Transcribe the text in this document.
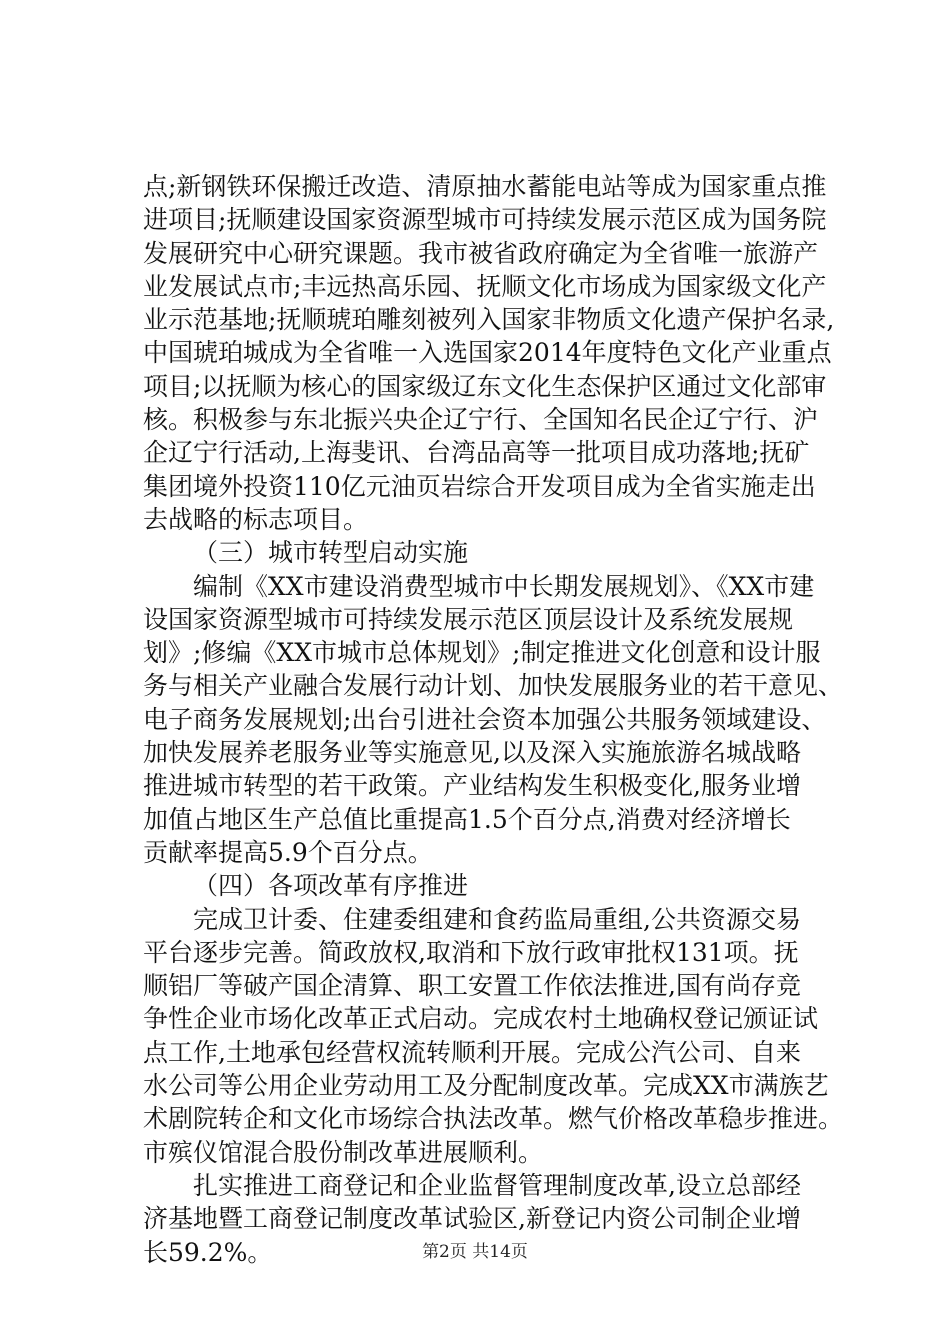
点;新钢铁环保搬迁改造、清原抽水蓄能电站等成为国家重点推
进项目;抚顺建设国家资源型城市可持续发展示范区成为国务院
发展研究中心研究课题。我市被省政府确定为全省唯一旅游产
业发展试点市;丰远热高乐园、抚顺文化市场成为国家级文化产
业示范基地;抚顺琥珀雕刻被列入国家非物质文化遗产保护名录,
中国琥珀城成为全省唯一入选国家2014年度特色文化产业重点
项目;以抚顺为核心的国家级辽东文化生态保护区通过文化部审
核。积极参与东北振兴央企辽宁行、全国知名民企辽宁行、沪
企辽宁行活动,上海斐讯、台湾品高等一批项目成功落地;抚矿
集团境外投资110亿元油页岩综合开发项目成为全省实施走出
去战略的标志项目。
（三）城市转型启动实施
编制《XX市建设消费型城市中长期发展规划》、《XX市建
设国家资源型城市可持续发展示范区顶层设计及系统发展规
划》;修编《XX市城市总体规划》;制定推进文化创意和设计服
务与相关产业融合发展行动计划、加快发展服务业的若干意见、
电子商务发展规划;出台引进社会资本加强公共服务领域建设、
加快发展养老服务业等实施意见,以及深入实施旅游名城战略
推进城市转型的若干政策。产业结构发生积极变化,服务业增
加值占地区生产总值比重提高1.5个百分点,消费对经济增长
贡献率提高5.9个百分点。
（四）各项改革有序推进
完成卫计委、住建委组建和食药监局重组,公共资源交易
平台逐步完善。简政放权,取消和下放行政审批权131项。抚
顺铝厂等破产国企清算、职工安置工作依法推进,国有尚存竞
争性企业市场化改革正式启动。完成农村土地确权登记颁证试
点工作,土地承包经营权流转顺利开展。完成公汽公司、自来
水公司等公用企业劳动用工及分配制度改革。完成XX市满族艺
术剧院转企和文化市场综合执法改革。燃气价格改革稳步推进。
市殡仪馆混合股份制改革进展顺利。
扎实推进工商登记和企业监督管理制度改革,设立总部经
济基地暨工商登记制度改革试验区,新登记内资公司制企业增
长59.2%。	第2页 共14页
